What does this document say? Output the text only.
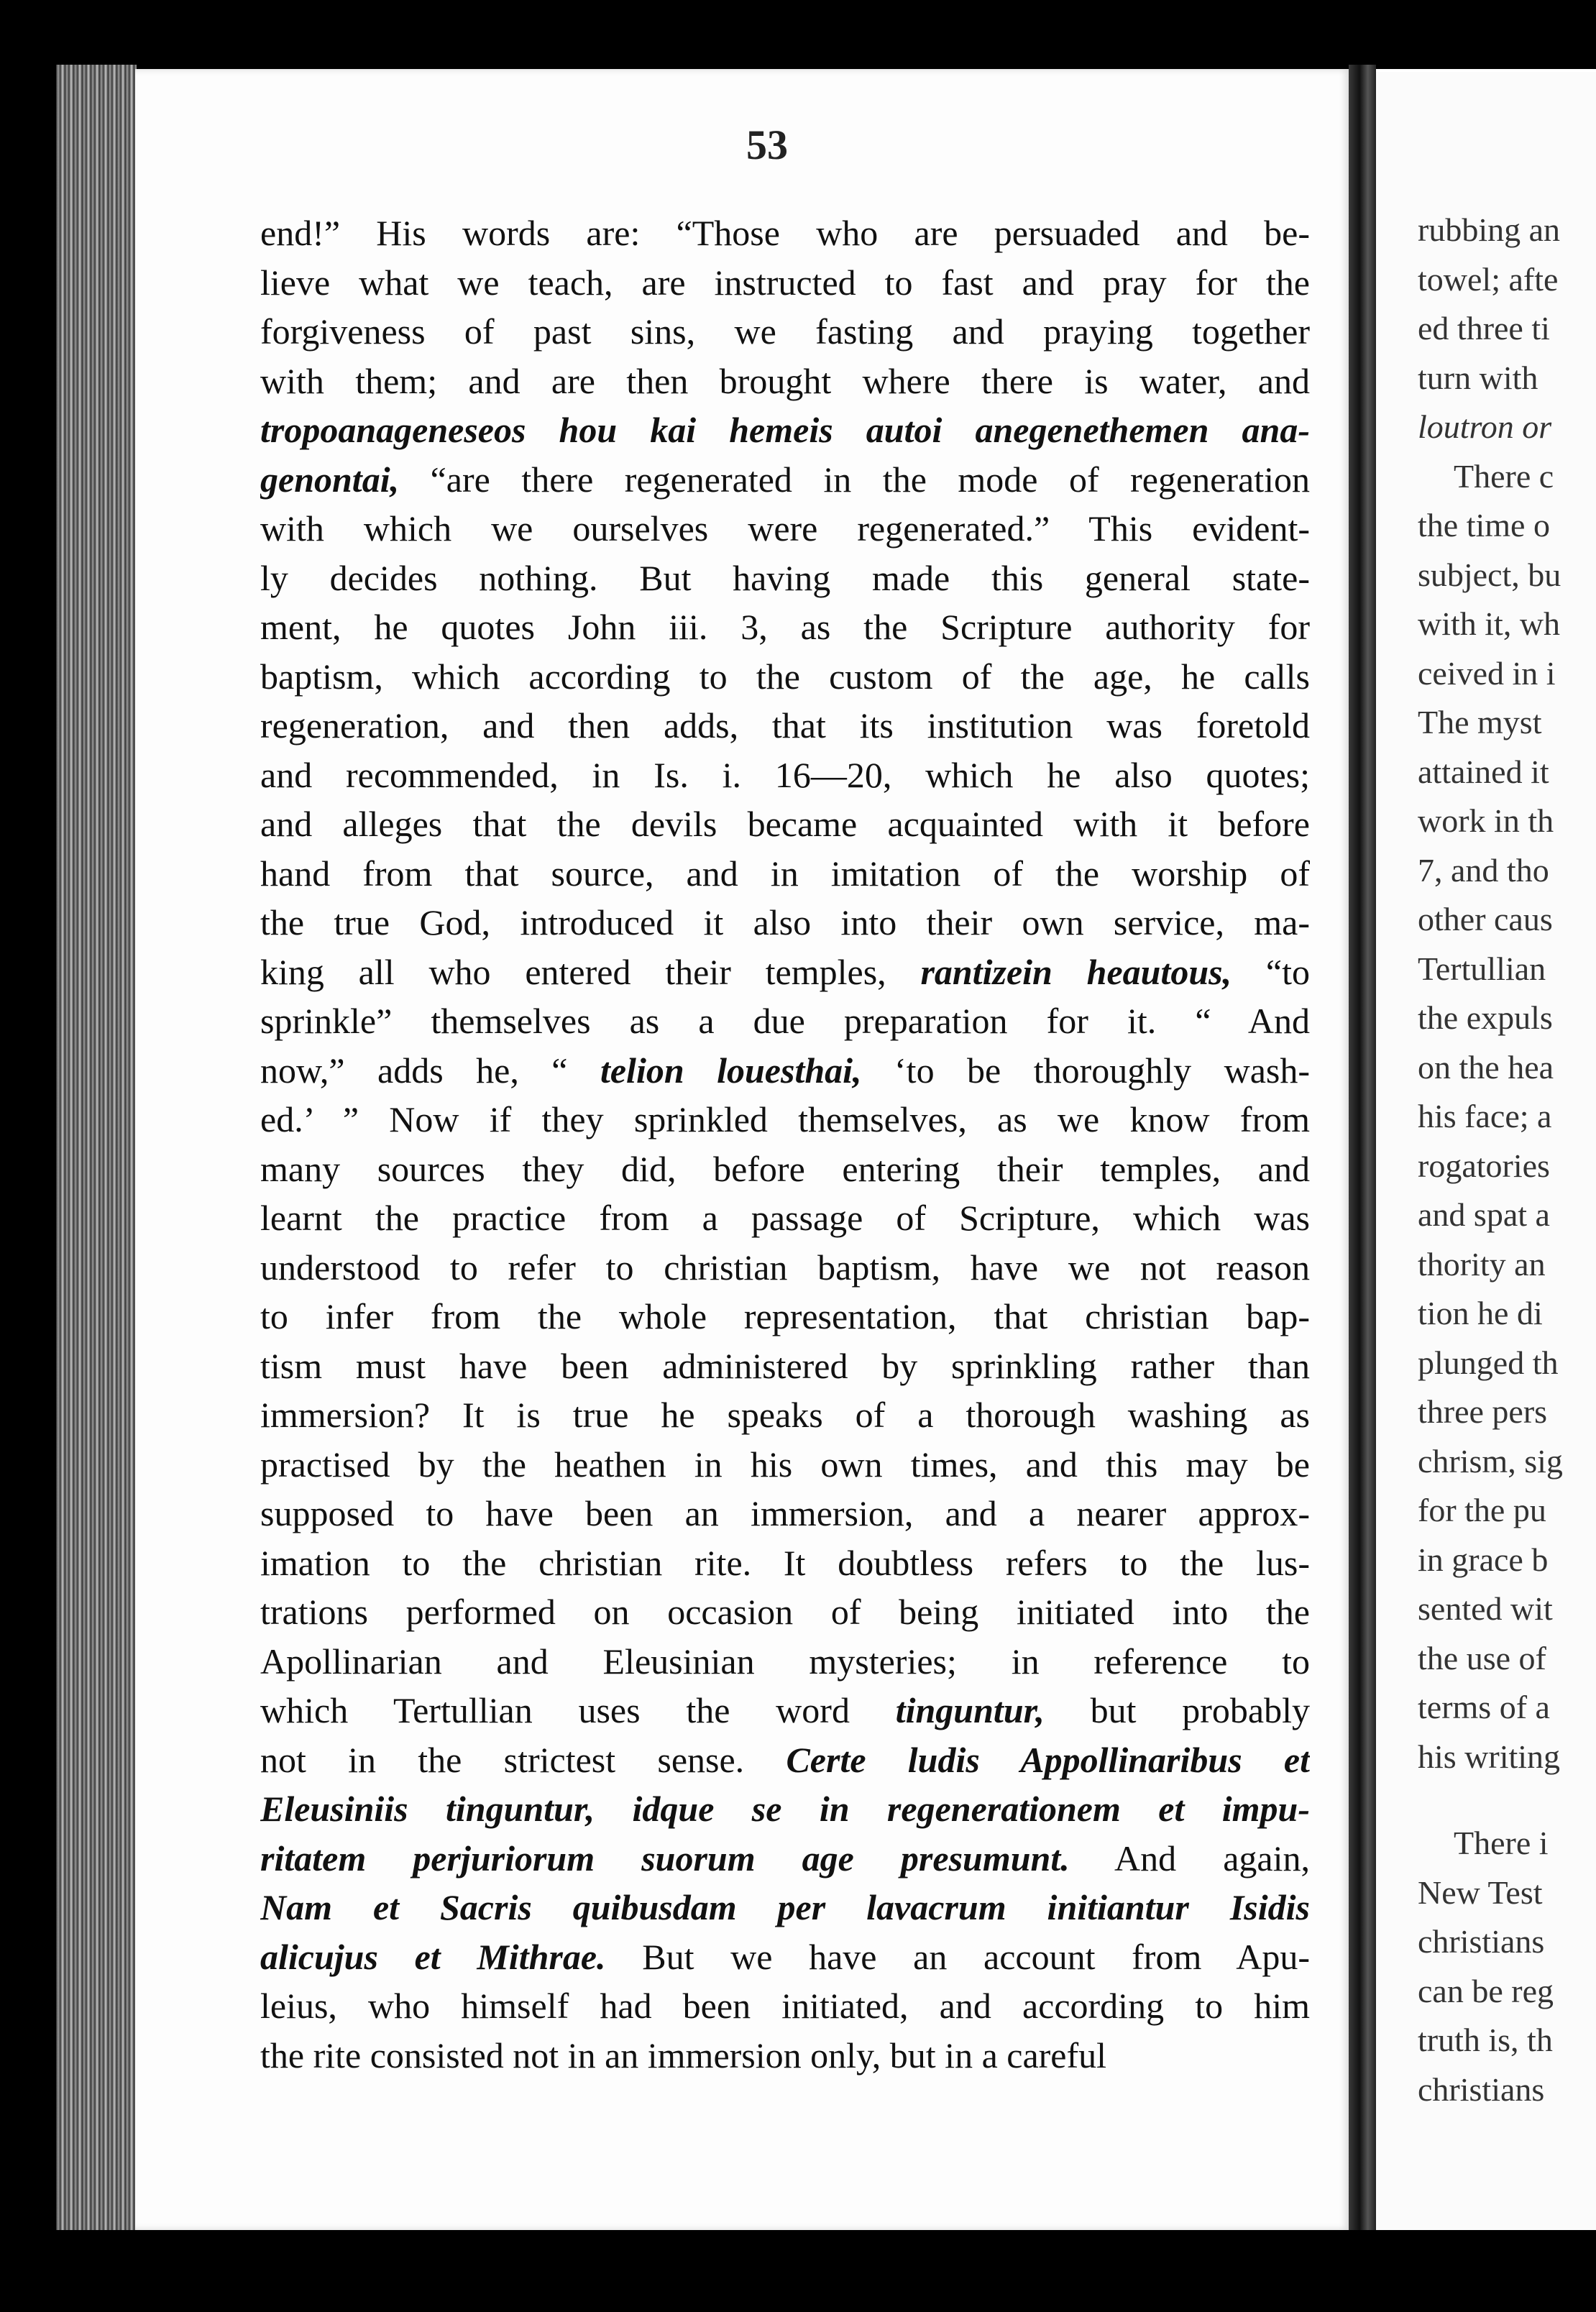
rubbing an
towel; afte
ed three ti
turn with
loutron or
There c
the time o
subject, bu
with it, wh
ceived in i
The myst
attained it
work in th
7, and tho
other caus
Tertullian
the expuls
on the hea
his face; a
rogatories
and spat a
thority an
tion he di
plunged th
three pers
chrism, sig
for the pu
in grace b
sented wit
the use of
terms of a
his writing
There i
New Test
christians
can be reg
truth is, th
christians
53
end!” His words are: “Those who are persuaded and be-
lieve what we teach, are instructed to fast and pray for the
forgiveness of past sins, we fasting and praying together
with them; and are then brought where there is water, and
tropoanageneseos hou kai hemeis autoi anegenethemen ana-
genontai, “are there regenerated in the mode of regeneration
with which we ourselves were regenerated.” This evident-
ly decides nothing. But having made this general state-
ment, he quotes John iii. 3, as the Scripture authority for
baptism, which according to the custom of the age, he calls
regeneration, and then adds, that its institution was foretold
and recommended, in Is. i. 16—20, which he also quotes;
and alleges that the devils became acquainted with it before
hand from that source, and in imitation of the worship of
the true God, introduced it also into their own service, ma-
king all who entered their temples, rantizein heautous, “to
sprinkle” themselves as a due preparation for it. “ And
now,” adds he, “ telion louesthai, ‘to be thoroughly wash-
ed.’ ” Now if they sprinkled themselves, as we know from
many sources they did, before entering their temples, and
learnt the practice from a passage of Scripture, which was
understood to refer to christian baptism, have we not reason
to infer from the whole representation, that christian bap-
tism must have been administered by sprinkling rather than
immersion? It is true he speaks of a thorough washing as
practised by the heathen in his own times, and this may be
supposed to have been an immersion, and a nearer approx-
imation to the christian rite. It doubtless refers to the lus-
trations performed on occasion of being initiated into the
Apollinarian and Eleusinian mysteries; in reference to
which Tertullian uses the word tinguntur, but probably
not in the strictest sense. Certe ludis Appollinaribus et
Eleusiniis tinguntur, idque se in regenerationem et impu-
ritatem perjuriorum suorum age presumunt. And again,
Nam et Sacris quibusdam per lavacrum initiantur Isidis
alicujus et Mithrae. But we have an account from Apu-
leius, who himself had been initiated, and according to him
the rite consisted not in an immersion only, but in a careful
